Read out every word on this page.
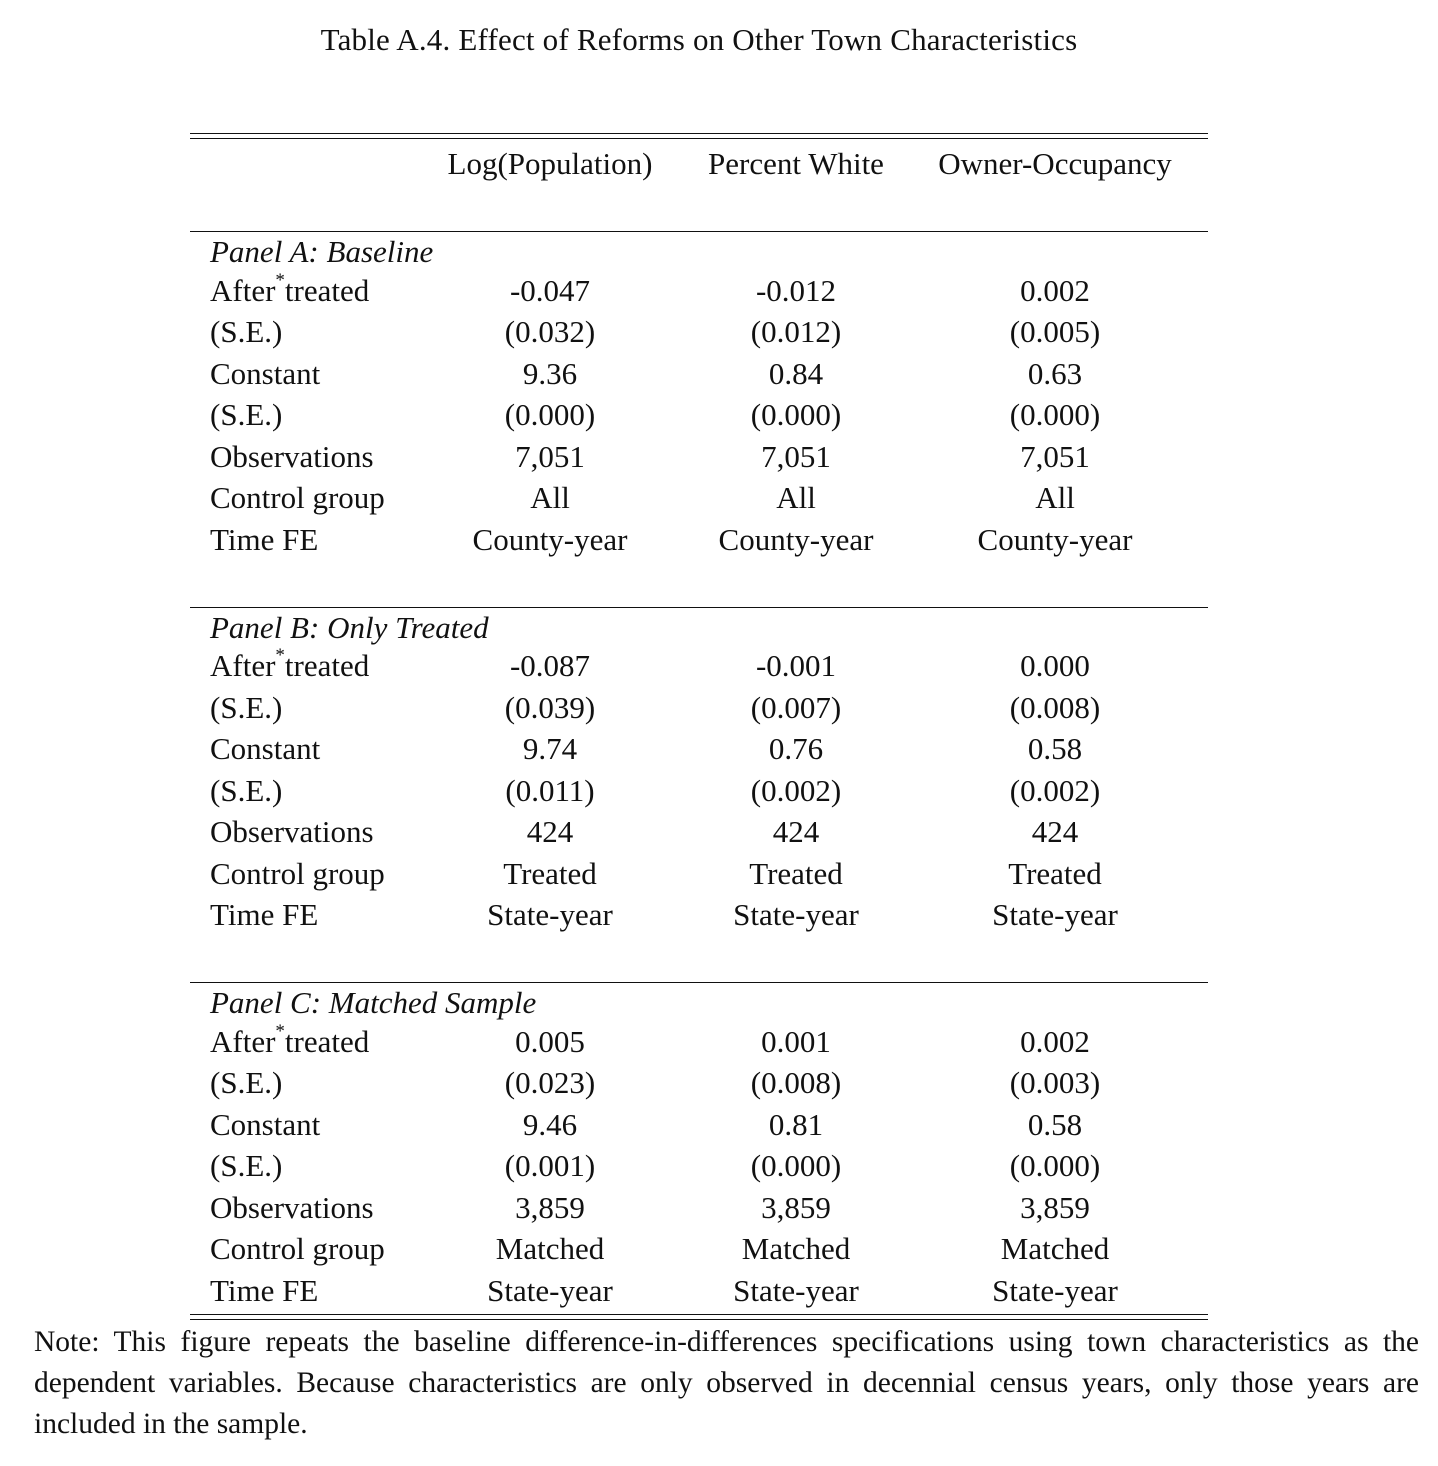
Table A.4. Effect of Reforms on Other Town Characteristics
Log(Population)	Percent White	Owner-Occupancy
Panel A: Baseline
After*treated	-0.047	-0.012	0.002
(S.E.)	(0.032)	(0.012)	(0.005)
Constant	9.36	0.84	0.63
(S.E.)	(0.000)	(0.000)	(0.000)
Observations	7,051	7,051	7,051
Control group	All	All	All
Time FE	County-year	County-year	County-year
Panel B: Only Treated
After*treated	-0.087	-0.001	0.000
(S.E.)	(0.039)	(0.007)	(0.008)
Constant	9.74	0.76	0.58
(S.E.)	(0.011)	(0.002)	(0.002)
Observations	424	424	424
Control group	Treated	Treated	Treated
Time FE	State-year	State-year	State-year
Panel C: Matched Sample
After*treated	0.005	0.001	0.002
(S.E.)	(0.023)	(0.008)	(0.003)
Constant	9.46	0.81	0.58
(S.E.)	(0.001)	(0.000)	(0.000)
Observations	3,859	3,859	3,859
Control group	Matched	Matched	Matched
Time FE	State-year	State-year	State-year
Note: This figure repeats the baseline difference-in-differences specifications using town characteristics as the dependent variables. Because characteristics are only observed in decennial census years, only those years are included in the sample.
